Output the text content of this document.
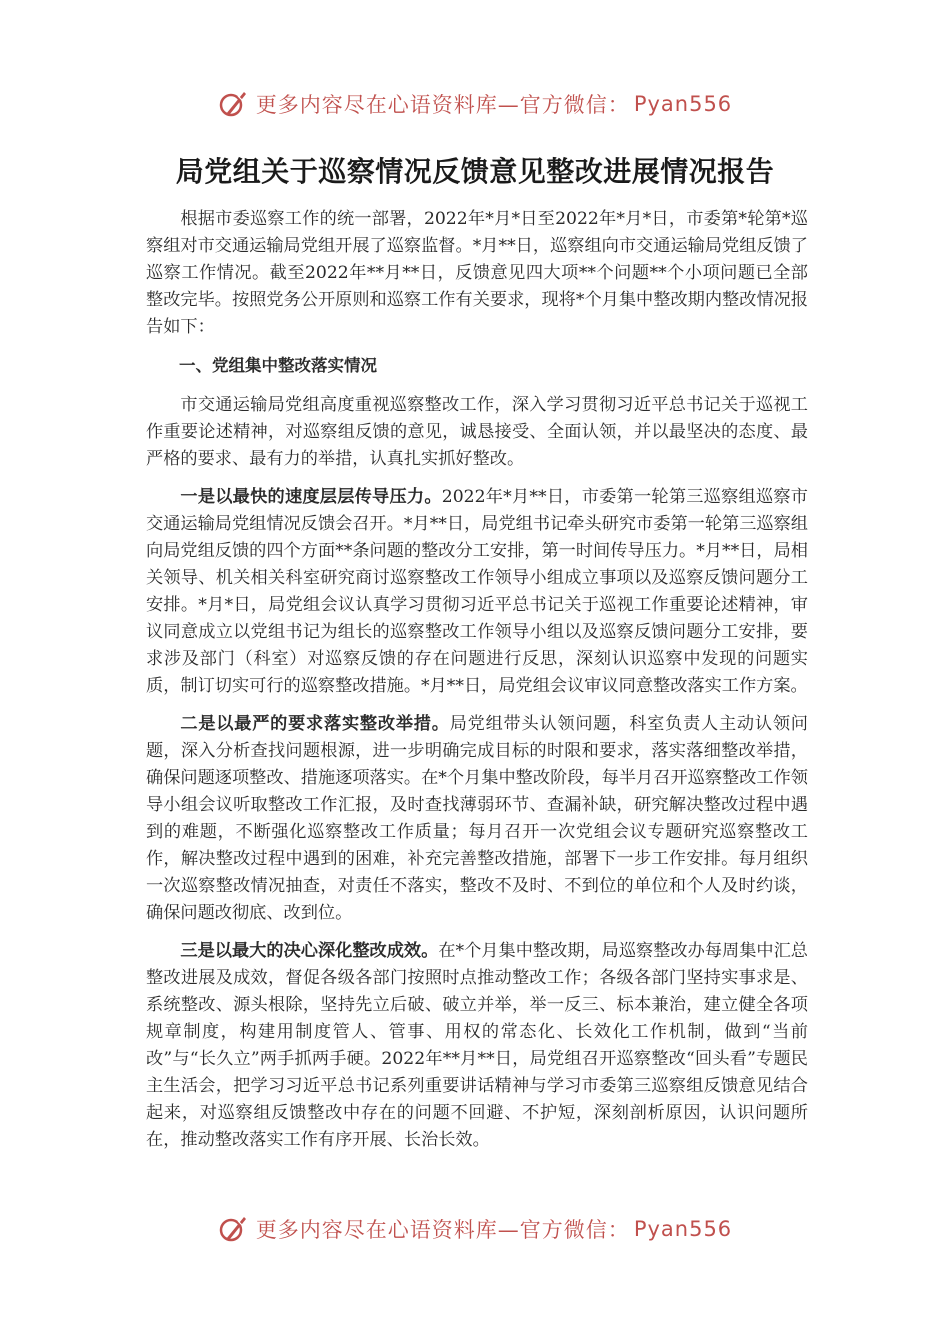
更多内容尽在心语资料库—官方微信： Pyan556
局党组关于巡察情况反馈意见整改进展情况报告

根据市委巡察工作的统一部署，2022年*月*日至2022年*月*日，市委第*轮第*巡察组对市交通运输局党组开展了巡察监督。*月**日，巡察组向市交通运输局党组反馈了巡察工作情况。截至2022年**月**日，反馈意见四大项**个问题**个小项问题已全部整改完毕。按照党务公开原则和巡察工作有关要求，现将*个月集中整改期内整改情况报告如下：

一、党组集中整改落实情况

市交通运输局党组高度重视巡察整改工作，深入学习贯彻习近平总书记关于巡视工作重要论述精神，对巡察组反馈的意见，诚恳接受、全面认领，并以最坚决的态度、最严格的要求、最有力的举措，认真扎实抓好整改。

一是以最快的速度层层传导压力。2022年*月**日，市委第一轮第三巡察组巡察市交通运输局党组情况反馈会召开。*月**日，局党组书记牵头研究市委第一轮第三巡察组向局党组反馈的四个方面**条问题的整改分工安排，第一时间传导压力。*月**日，局相关领导、机关相关科室研究商讨巡察整改工作领导小组成立事项以及巡察反馈问题分工安排。*月*日，局党组会议认真学习贯彻习近平总书记关于巡视工作重要论述精神，审议同意成立以党组书记为组长的巡察整改工作领导小组以及巡察反馈问题分工安排，要求涉及部门（科室）对巡察反馈的存在问题进行反思，深刻认识巡察中发现的问题实质，制订切实可行的巡察整改措施。*月**日，局党组会议审议同意整改落实工作方案。

二是以最严的要求落实整改举措。局党组带头认领问题，科室负责人主动认领问题，深入分析查找问题根源，进一步明确完成目标的时限和要求，落实落细整改举措，确保问题逐项整改、措施逐项落实。在*个月集中整改阶段，每半月召开巡察整改工作领导小组会议听取整改工作汇报，及时查找薄弱环节、查漏补缺，研究解决整改过程中遇到的难题，不断强化巡察整改工作质量；每月召开一次党组会议专题研究巡察整改工作，解决整改过程中遇到的困难，补充完善整改措施，部署下一步工作安排。每月组织一次巡察整改情况抽查，对责任不落实，整改不及时、不到位的单位和个人及时约谈，确保问题改彻底、改到位。

三是以最大的决心深化整改成效。在*个月集中整改期，局巡察整改办每周集中汇总整改进展及成效，督促各级各部门按照时点推动整改工作；各级各部门坚持实事求是、系统整改、源头根除，坚持先立后破、破立并举，举一反三、标本兼治，建立健全各项规章制度，构建用制度管人、管事、用权的常态化、长效化工作机制，做到“当前改”与“长久立”两手抓两手硬。2022年**月**日，局党组召开巡察整改“回头看”专题民主生活会，把学习习近平总书记系列重要讲话精神与学习市委第三巡察组反馈意见结合起来，对巡察组反馈整改中存在的问题不回避、不护短，深刻剖析原因，认识问题所在，推动整改落实工作有序开展、长治长效。

更多内容尽在心语资料库—官方微信： Pyan556
